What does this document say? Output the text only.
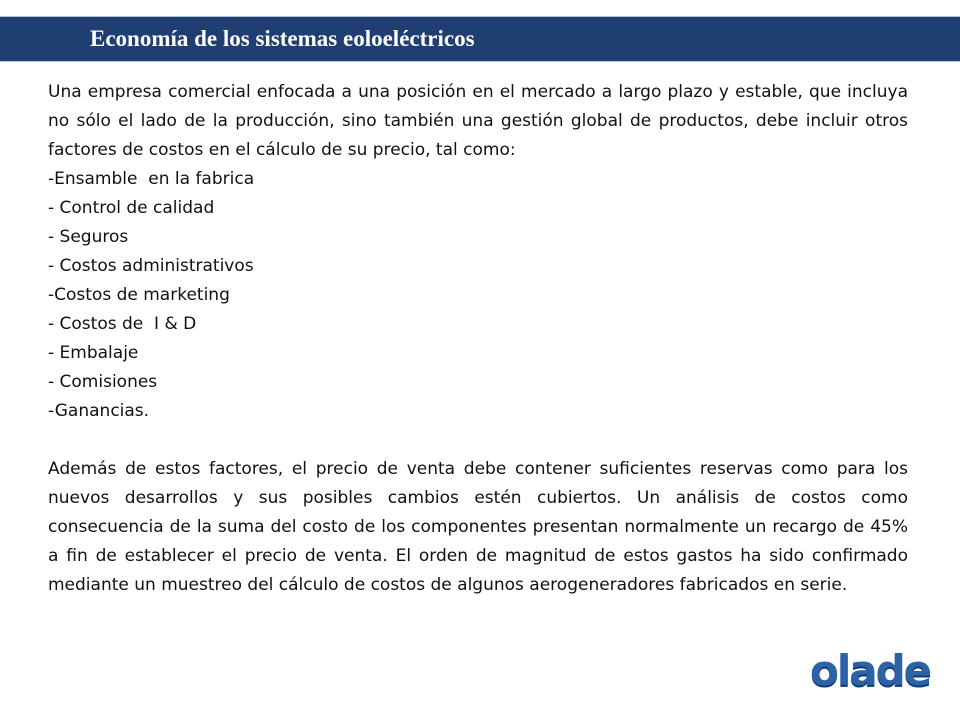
Economía de los sistemas eoloeléctricos

Una empresa comercial enfocada a una posición en el mercado a largo plazo y estable, que incluya no sólo el lado de la producción, sino también una gestión global de productos, debe incluir otros factores de costos en el cálculo de su precio, tal como:

-Ensamble  en la fabrica
- Control de calidad
- Seguros
- Costos administrativos
-Costos de marketing
- Costos de  I & D
- Embalaje
- Comisiones
-Ganancias.

Además de estos factores, el precio de venta debe contener suficientes reservas como para los nuevos desarrollos y sus posibles cambios estén cubiertos. Un análisis de costos como consecuencia de la suma del costo de los componentes presentan normalmente un recargo de 45% a fin de establecer el precio de venta. El orden de magnitud de estos gastos ha sido confirmado mediante un muestreo del cálculo de costos de algunos aerogeneradores fabricados en serie.

olade
